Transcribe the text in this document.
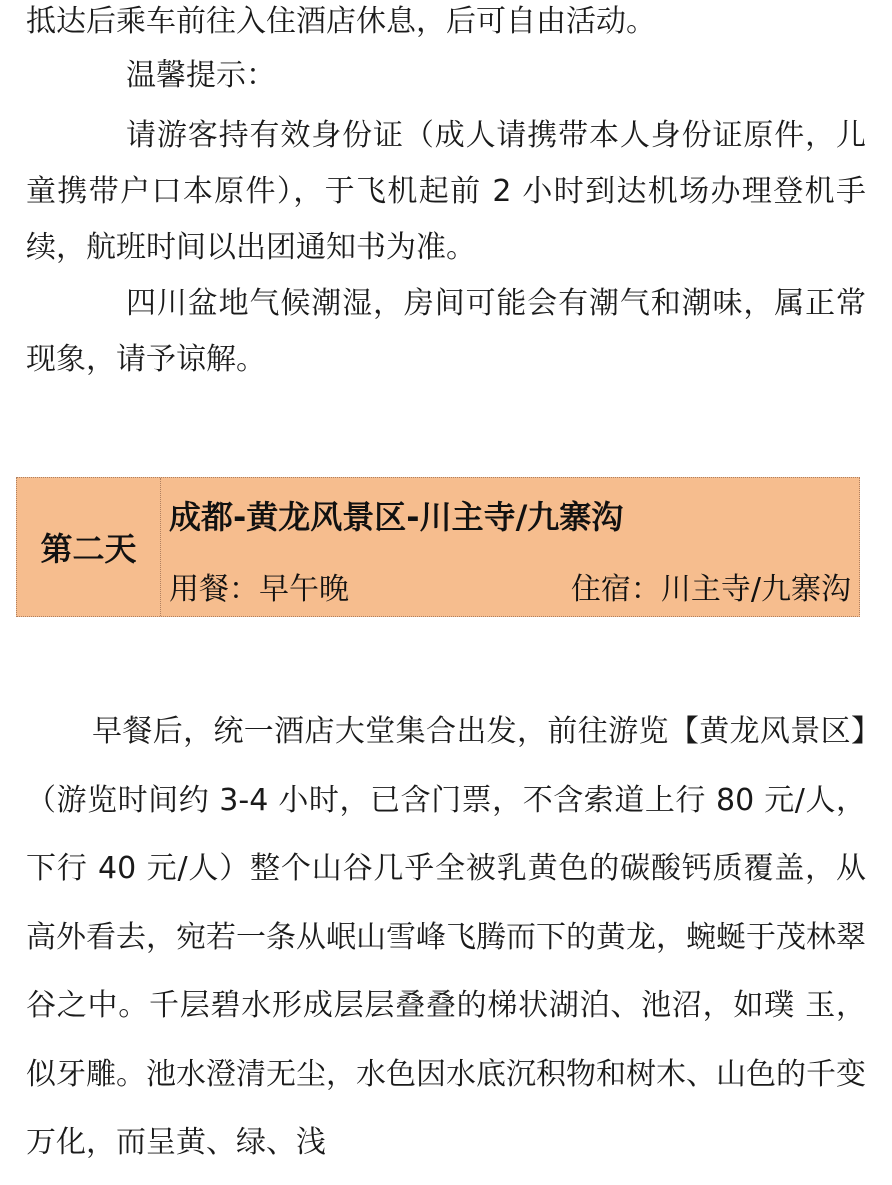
抵达后乘车前往入住酒店休息，后可自由活动。

温馨提示：

请游客持有效身份证（成人请携带本人身份证原件，儿童携带户口本原件），于飞机起前 2 小时到达机场办理登机手续，航班时间以出团通知书为准。

四川盆地气候潮湿，房间可能会有潮气和潮味，属正常现象，请予谅解。

第二天
成都-黄龙风景区-川主寺/九寨沟
用餐：早午晚	住宿：川主寺/九寨沟

早餐后，统一酒店大堂集合出发，前往游览【黄龙风景区】（游览时间约 3-4 小时，已含门票，不含索道上行 80 元/人，下行 40 元/人）整个山谷几乎全被乳黄色的碳酸钙质覆盖，从高外看去，宛若一条从岷山雪峰飞腾而下的黄龙，蜿蜒于茂林翠谷之中。千层碧水形成层层叠叠的梯状湖泊、池沼，如璞 玉，似牙雕。池水澄清无尘，水色因水底沉积物和树木、山色的千变万化，而呈黄、绿、浅
